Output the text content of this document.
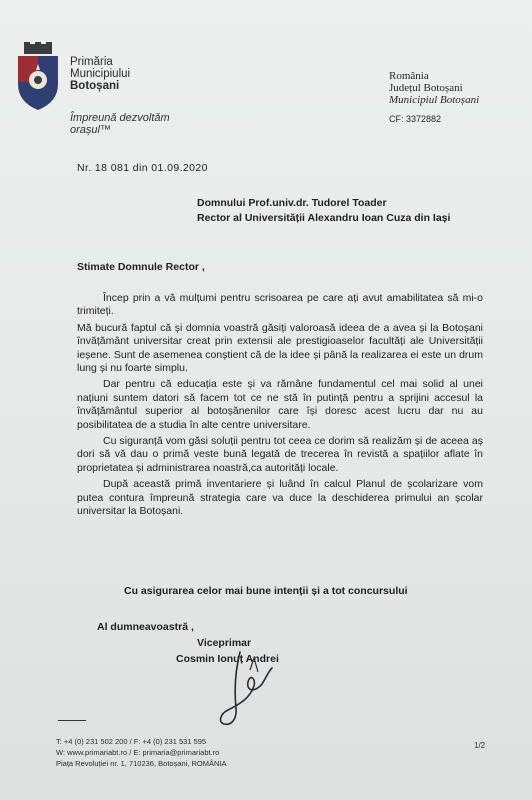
Primăria
Municipiului
Botoșani
Împreună dezvoltăm
orașul™
România
Județul Botoșani
Municipiul Botoșani
CF: 3372882
Nr. 18 081 din 01.09.2020
Domnului Prof.univ.dr. Tudorel Toader
Rector al Universității Alexandru Ioan Cuza din Iași
Stimate Domnule Rector ,

Încep prin a vă mulțumi pentru scrisoarea pe care ați avut amabilitatea să mi-o trimiteți.

Mă bucură faptul că și domnia voastră găsiți valoroasă ideea de a avea și la Botoșani învățământ universitar creat prin extensii ale prestigioaselor facultăți ale Universității ieșene. Sunt de asemenea conștient că de la idee și până la realizarea ei este un drum lung și nu foarte simplu.

Dar pentru că educația este și va rămâne fundamentul cel mai solid al unei națiuni suntem datori să facem tot ce ne stă în putință pentru a sprijini accesul la învățământul superior al botoșănenilor care își doresc acest lucru dar nu au posibilitatea de a studia în alte centre universitare.

Cu siguranță vom găsi soluții pentru tot ceea ce dorim să realizăm și de aceea aș dori să vă dau o primă veste bună legată de trecerea în revistă a spațiilor aflate în proprietatea și administrarea noastră,ca autorități locale.

După această primă inventariere și luând în calcul Planul de școlarizare vom putea contura împreună strategia care va duce la deschiderea primului an școlar universitar la Botoșani.

Cu asigurarea celor mai bune intenții și a tot concursului
Al dumneavoastră ,
Viceprimar
Cosmin Ionuț Andrei
T: +4 (0) 231 502 200 / F: +4 (0) 231 531 595
W: www.primariabt.ro / E: primaria@primariabt.ro
Piața Revoluției nr. 1, 710236, Botoșani, ROMÂNIA
1/2
